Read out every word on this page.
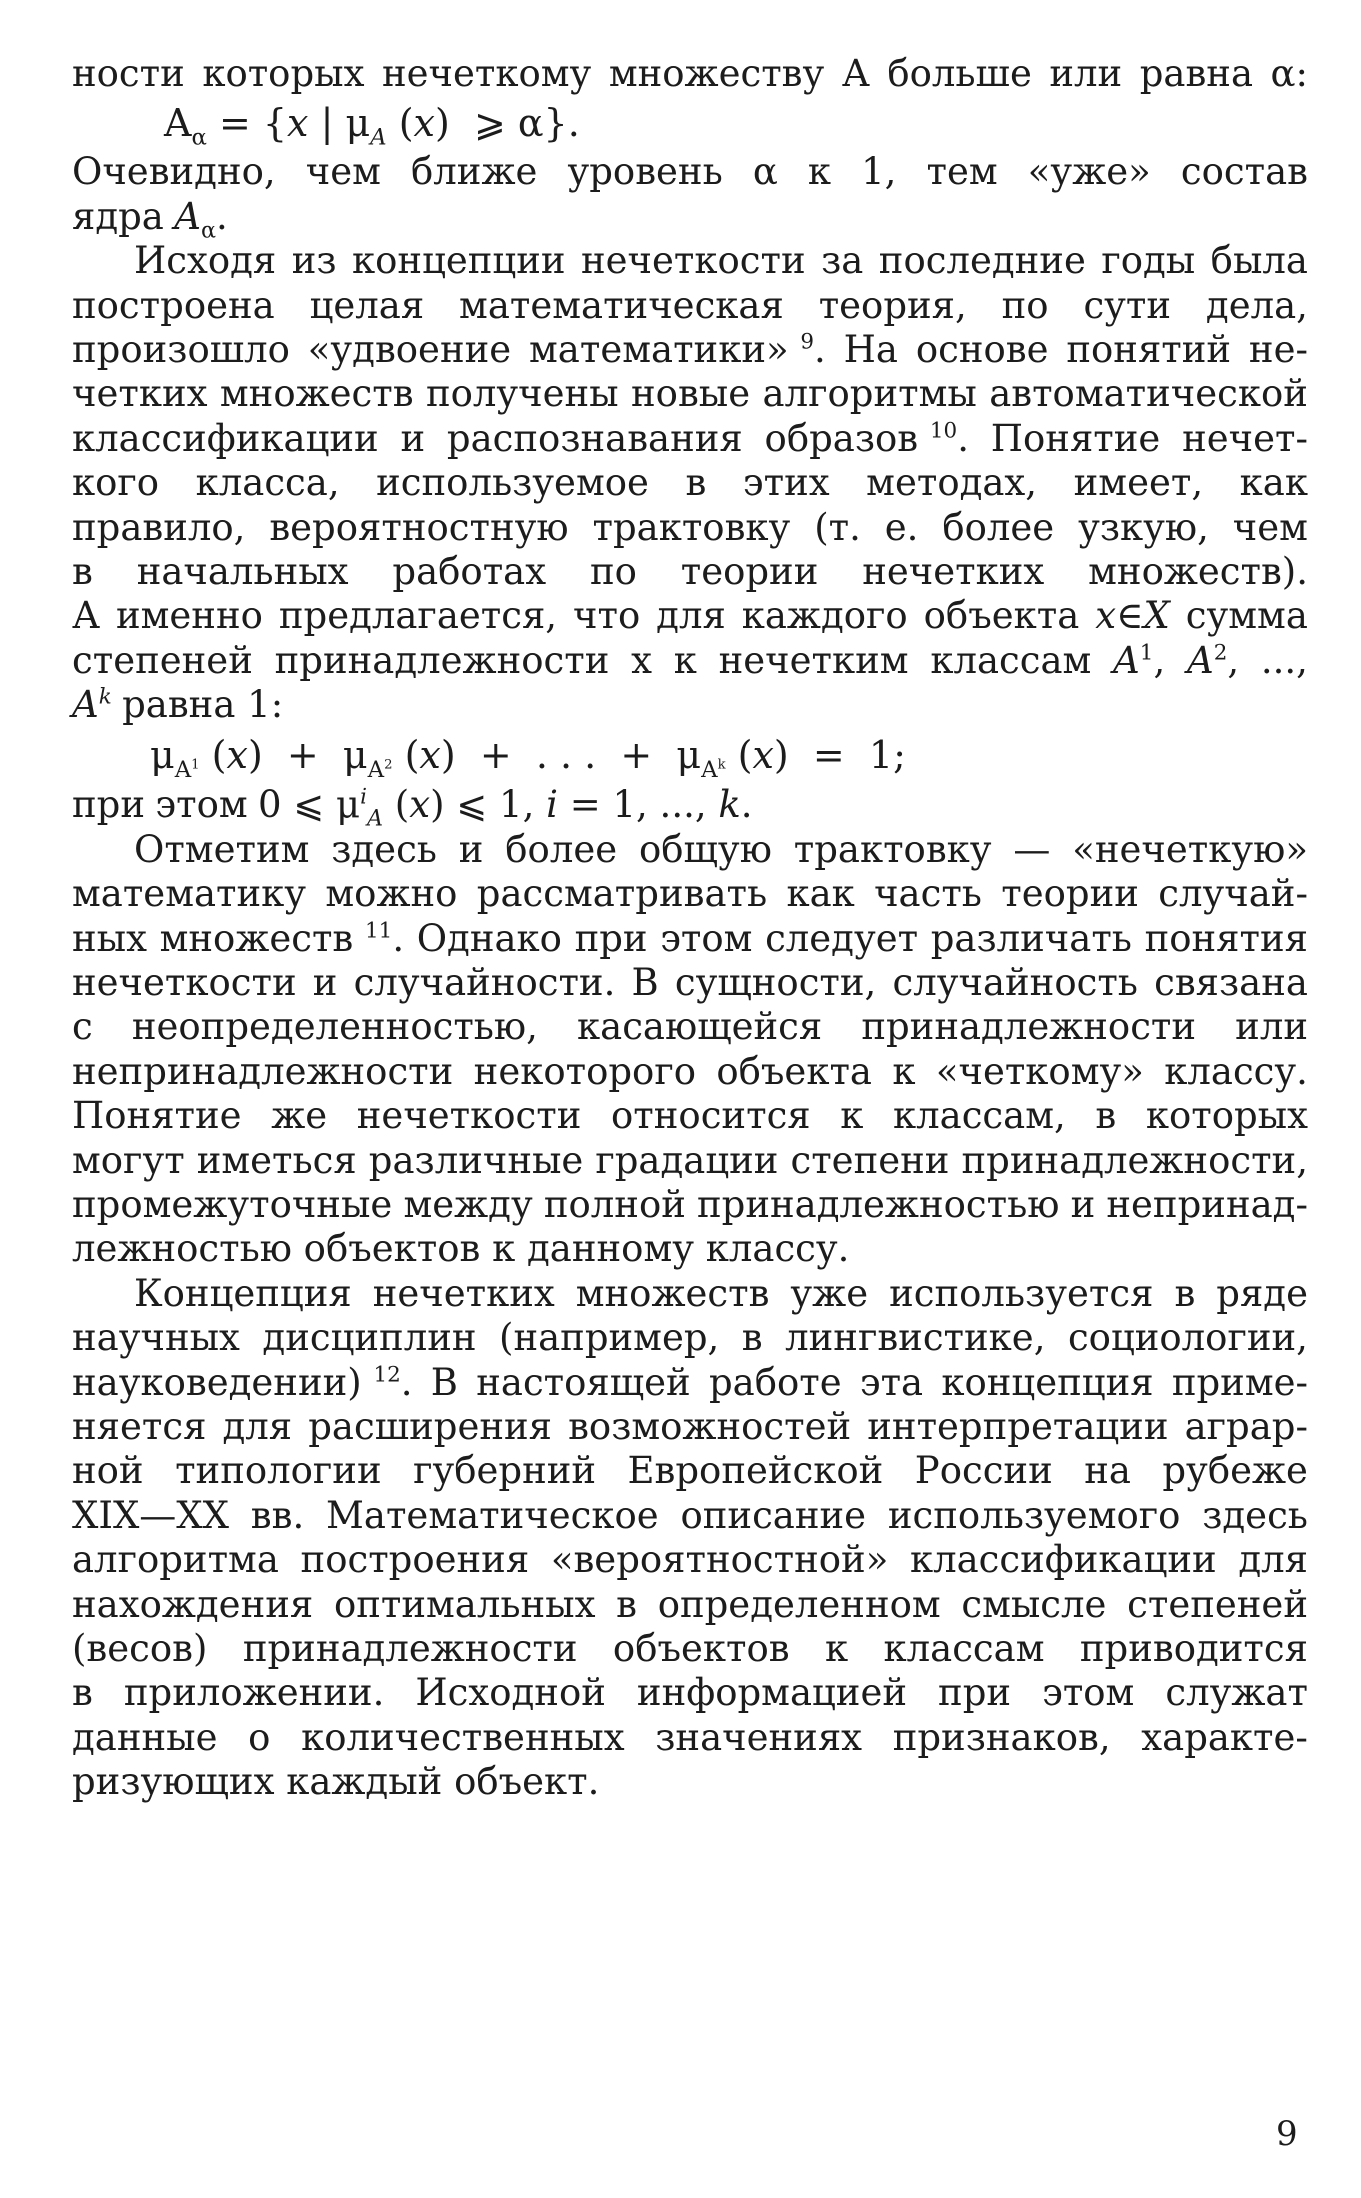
ности которых нечеткому множеству А больше или равна α:
$A_\alpha = \{x$ | $\mu_A$ (x)  ⩾ α}.
Очевидно, чем ближе уровень α к 1, тем «уже» состав
ядра $A_\alpha$.
Исходя из концепции нечеткости за последние годы была
построена целая математическая теория, по сути дела,
произошло «удвоение математики» $^9$. На основе понятий не-
четких множеств получены новые алгоритмы автоматической
классификации и распознавания образов $^{10}$. Понятие нечет-
кого класса, используемое в этих методах, имеет, как
правило, вероятностную трактовку (т. е. более узкую, чем
в начальных работах по теории нечетких множеств).
А именно предлагается, что для каждого объекта x∈X сумма
степеней принадлежности x к нечетким классам $A^1$, $A^2$, ...,
$A^k$ равна 1:
$\mu_{A^1}$ $(x) + \mu_{A^2}$ (x)  +  . . .  +  $\mu_{A^k}$ (x)  =  1;
при этом 0 ⩽ $\mu^i_A$ (x) ⩽ 1, i = 1, ..., k.
Отметим здесь и более общую трактовку — «нечеткую»
математику можно рассматривать как часть теории случай-
ных множеств $^{11}$. Однако при этом следует различать понятия
нечеткости и случайности. В сущности, случайность связана
с неопределенностью, касающейся принадлежности или
непринадлежности некоторого объекта к «четкому» классу.
Понятие же нечеткости относится к классам, в которых
могут иметься различные градации степени принадлежности,
промежуточные между полной принадлежностью и непринад-
лежностью объектов к данному классу.
Концепция нечетких множеств уже используется в ряде
научных дисциплин (например, в лингвистике, социологии,
науковедении) $^{12}$. В настоящей работе эта концепция приме-
няется для расширения возможностей интерпретации аграр-
ной типологии губерний Европейской России на рубеже
XIX—XX вв. Математическое описание используемого здесь
алгоритма построения «вероятностной» классификации для
нахождения оптимальных в определенном смысле степеней
(весов) принадлежности объектов к классам приводится
в приложении. Исходной информацией при этом служат
данные о количественных значениях признаков, характе-
ризующих каждый объект.
9
